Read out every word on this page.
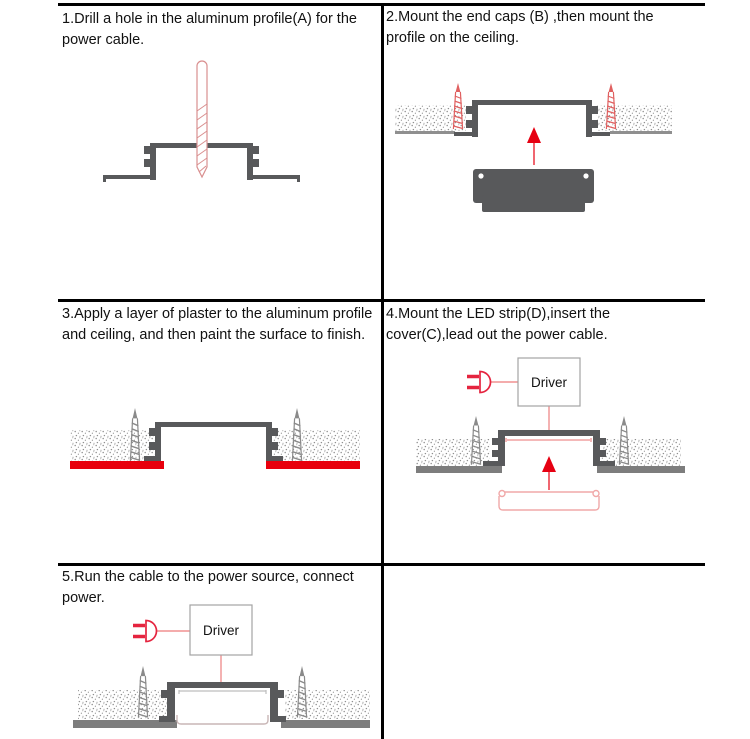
1.Drill a hole in the aluminum profile(A) for the power cable.
2.Mount the end caps (B) ,then mount the profile on the ceiling.
3.Apply a layer of plaster to the aluminum profile and ceiling, and then paint the surface to finish.
4.Mount the LED strip(D),insert the cover(C),lead out the power cable.
5.Run the cable to the power source, connect power.
Driver
Driver
